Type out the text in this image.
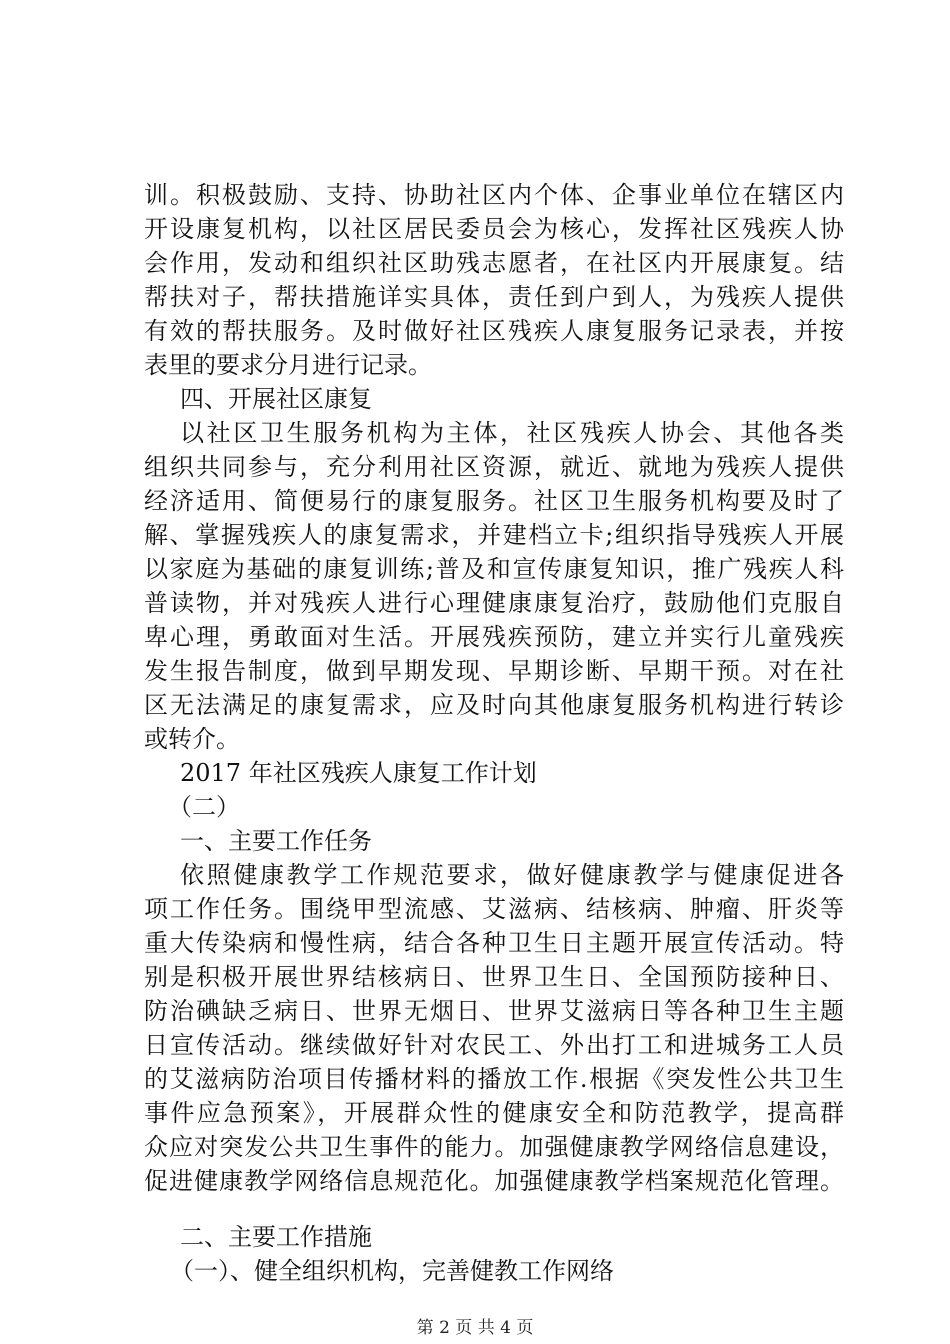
训。积极鼓励、支持、协助社区内个体、企事业单位在辖区内
开设康复机构，以社区居民委员会为核心，发挥社区残疾人协
会作用，发动和组织社区助残志愿者，在社区内开展康复。结
帮扶对子，帮扶措施详实具体，责任到户到人，为残疾人提供
有效的帮扶服务。及时做好社区残疾人康复服务记录表，并按
表里的要求分月进行记录。
四、开展社区康复
以社区卫生服务机构为主体，社区残疾人协会、其他各类
组织共同参与，充分利用社区资源，就近、就地为残疾人提供
经济适用、简便易行的康复服务。社区卫生服务机构要及时了
解、掌握残疾人的康复需求，并建档立卡;组织指导残疾人开展
以家庭为基础的康复训练;普及和宣传康复知识，推广残疾人科
普读物，并对残疾人进行心理健康康复治疗，鼓励他们克服自
卑心理，勇敢面对生活。开展残疾预防，建立并实行儿童残疾
发生报告制度，做到早期发现、早期诊断、早期干预。对在社
区无法满足的康复需求，应及时向其他康复服务机构进行转诊
或转介。
2017 年社区残疾人康复工作计划
（二）
一、主要工作任务
依照健康教学工作规范要求，做好健康教学与健康促进各
项工作任务。围绕甲型流感、艾滋病、结核病、肿瘤、肝炎等
重大传染病和慢性病，结合各种卫生日主题开展宣传活动。特
别是积极开展世界结核病日、世界卫生日、全国预防接种日、
防治碘缺乏病日、世界无烟日、世界艾滋病日等各种卫生主题
日宣传活动。继续做好针对农民工、外出打工和进城务工人员
的艾滋病防治项目传播材料的播放工作.根据《突发性公共卫生
事件应急预案》，开展群众性的健康安全和防范教学，提高群
众应对突发公共卫生事件的能力。加强健康教学网络信息建设，
促进健康教学网络信息规范化。加强健康教学档案规范化管理。
二、主要工作措施
（一）、健全组织机构，完善健教工作网络
第 2 页 共 4 页
